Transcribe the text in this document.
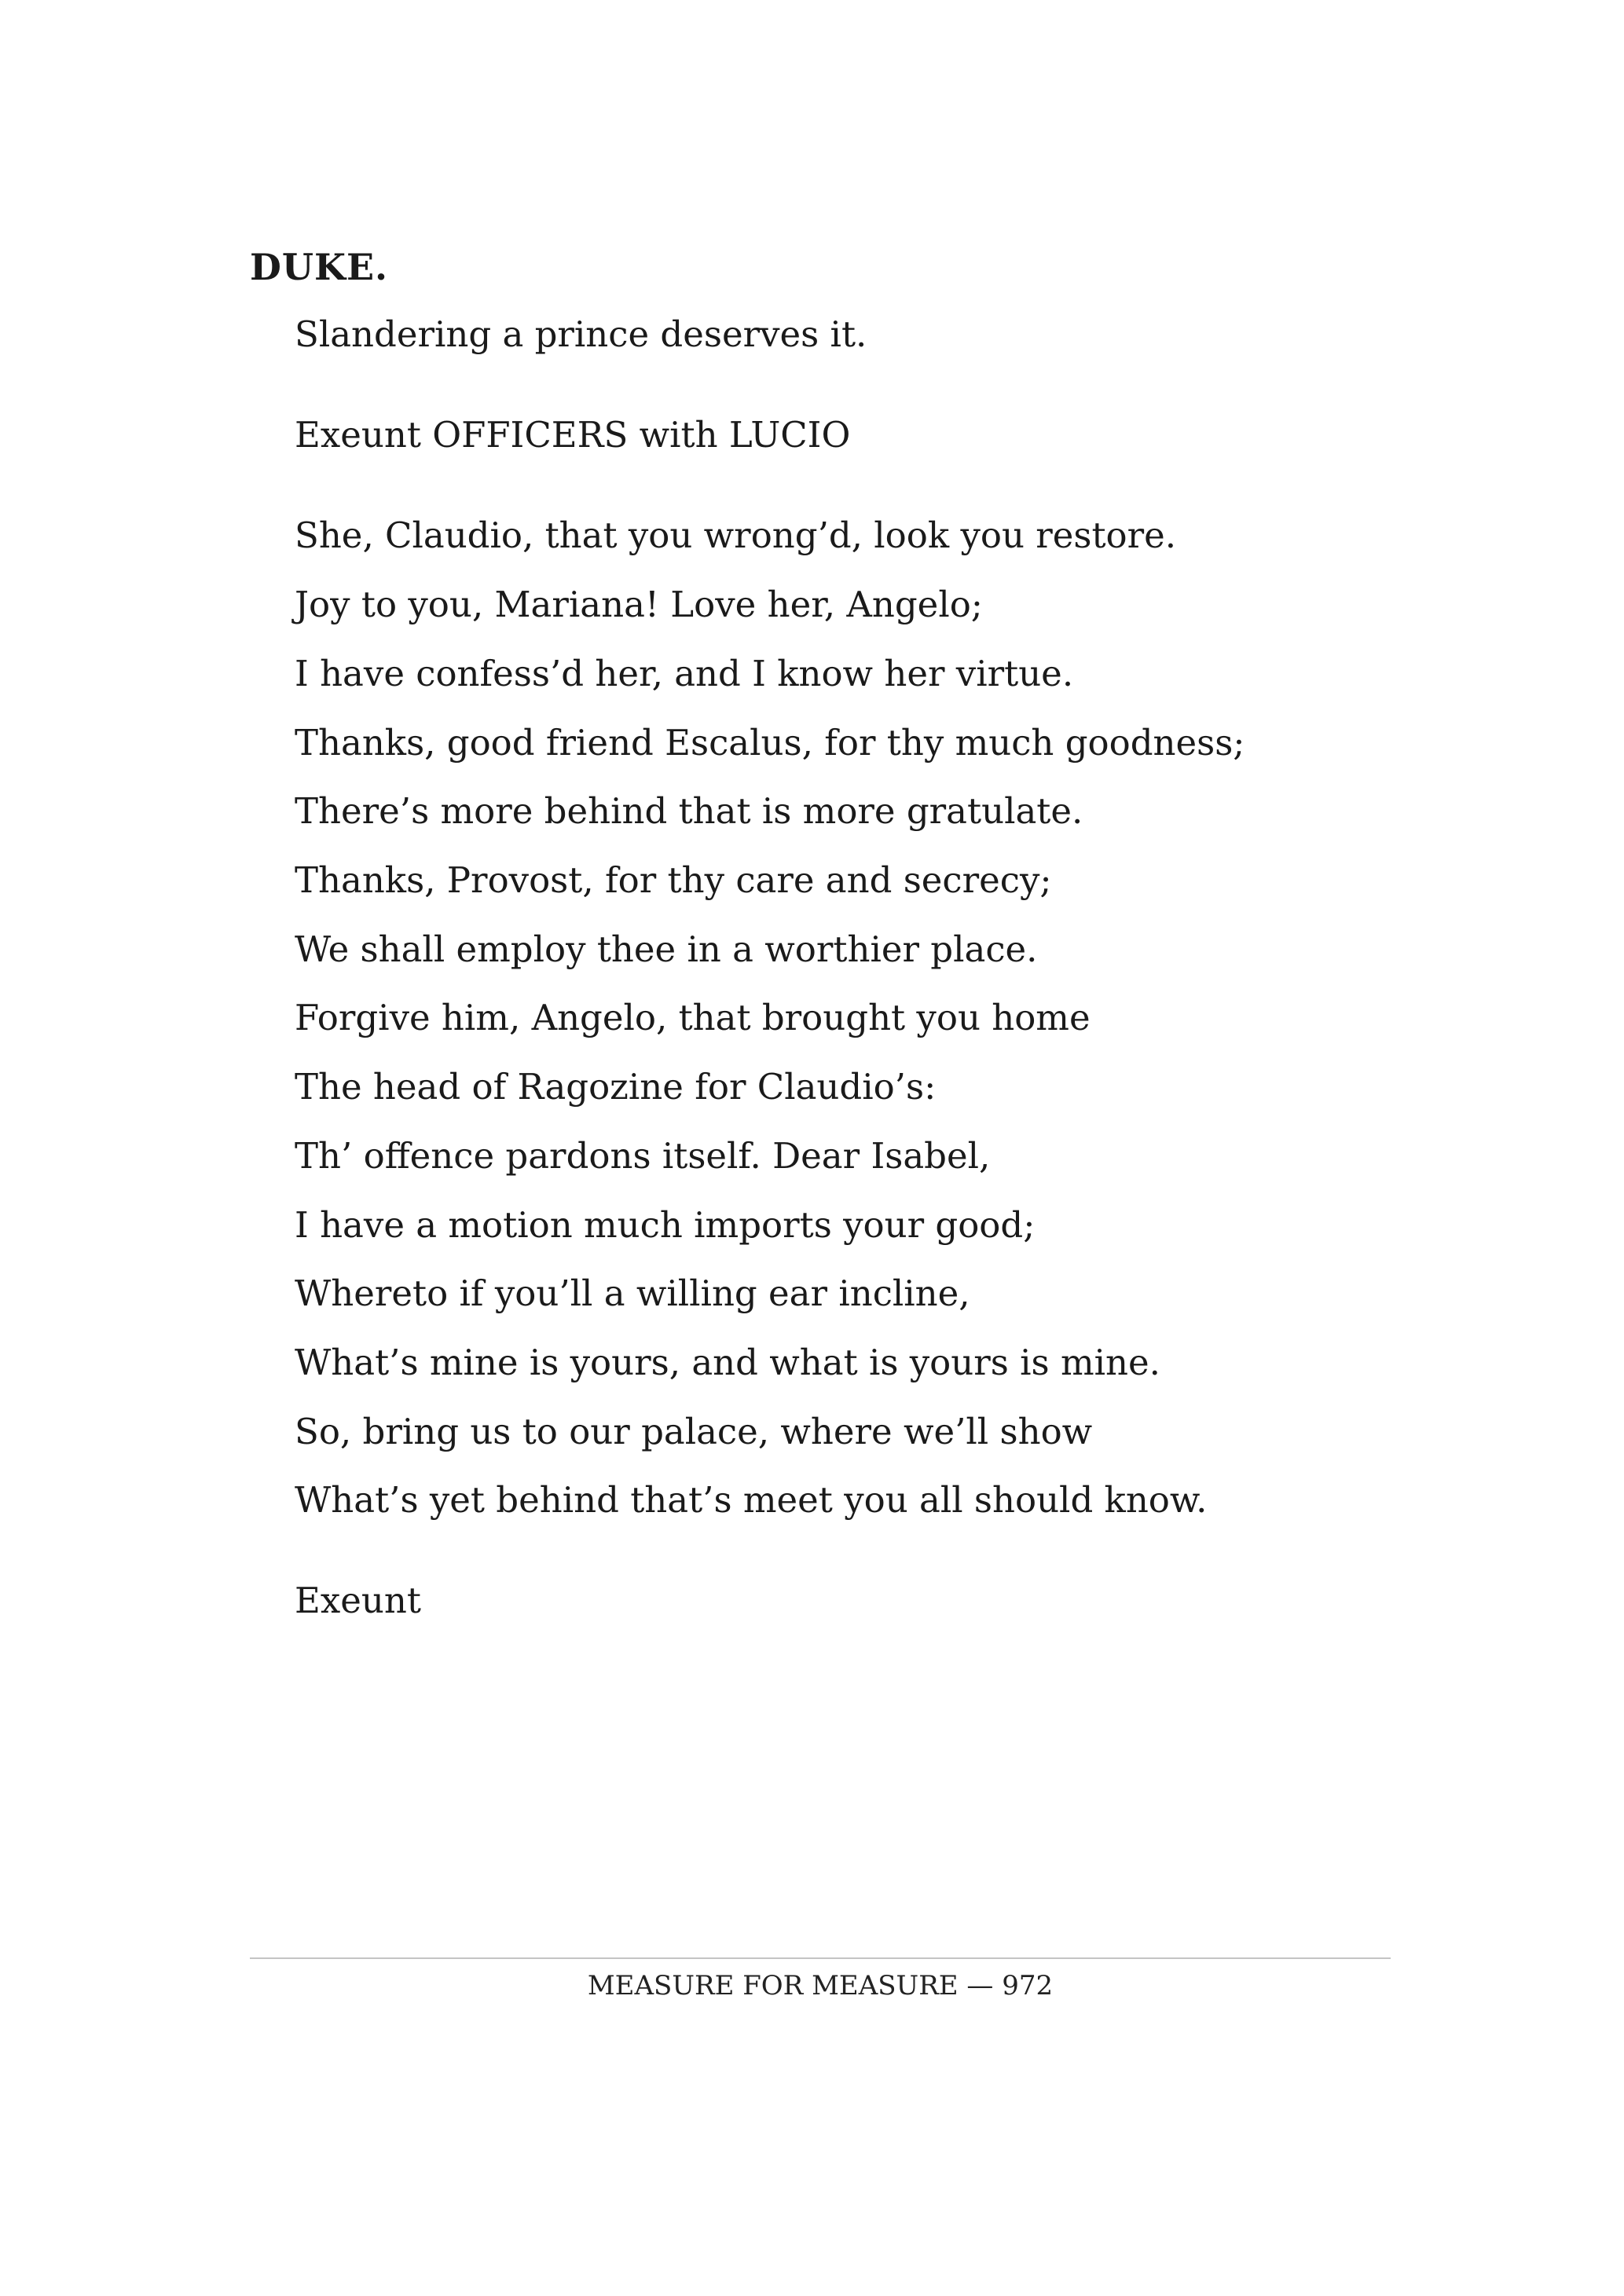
DUKE.
Slandering a prince deserves it.
Exeunt OFFICERS with LUCIO
She, Claudio, that you wrong’d, look you restore.
Joy to you, Mariana! Love her, Angelo;
I have confess’d her, and I know her virtue.
Thanks, good friend Escalus, for thy much goodness;
There’s more behind that is more gratulate.
Thanks, Provost, for thy care and secrecy;
We shall employ thee in a worthier place.
Forgive him, Angelo, that brought you home
The head of Ragozine for Claudio’s:
Th’ offence pardons itself. Dear Isabel,
I have a motion much imports your good;
Whereto if you’ll a willing ear incline,
What’s mine is yours, and what is yours is mine.
So, bring us to our palace, where we’ll show
What’s yet behind that’s meet you all should know.
Exeunt
MEASURE FOR MEASURE — 972
